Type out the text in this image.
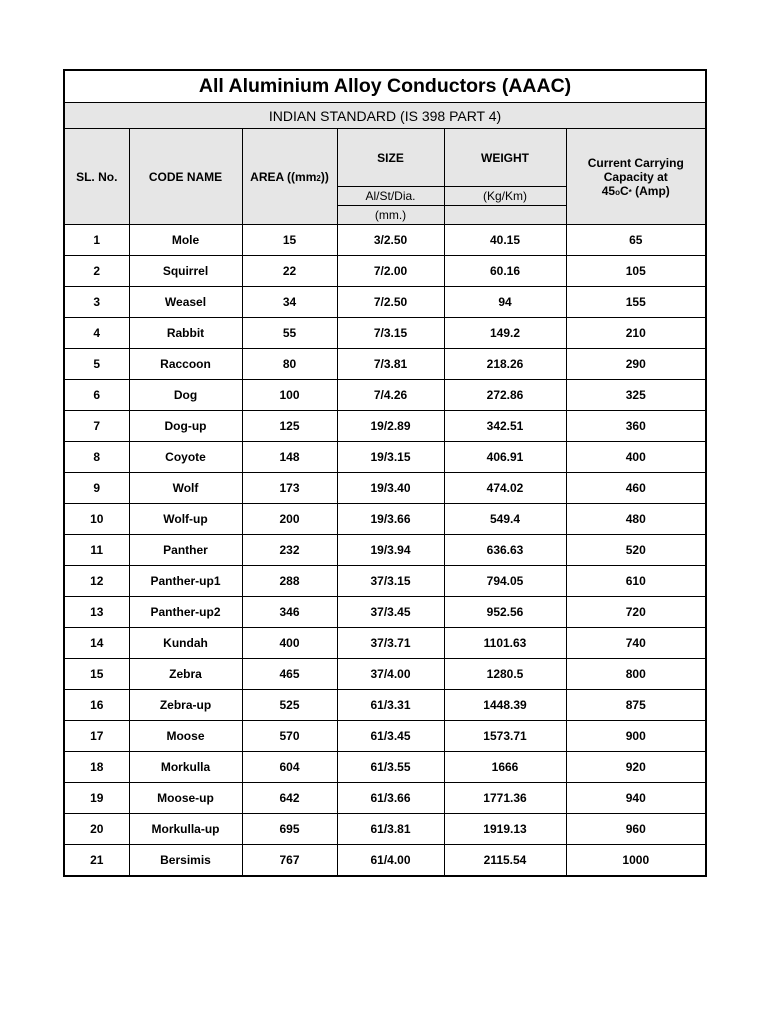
All Aluminium Alloy Conductors (AAAC)					
INDIAN STANDARD (IS 398 PART 4)					
SL. No.	CODE NAME	AREA ((mm2))	SIZE	WEIGHT	Current Carrying
Capacity at
45oC* (Amp)

			Al/St/Dia.	(Kg/Km)	
			(mm.)		
1	Mole	15	3/2.50	40.15	65
2	Squirrel	22	7/2.00	60.16	105
3	Weasel	34	7/2.50	94	155
4	Rabbit	55	7/3.15	149.2	210
5	Raccoon	80	7/3.81	218.26	290
6	Dog	100	7/4.26	272.86	325
7	Dog-up	125	19/2.89	342.51	360
8	Coyote	148	19/3.15	406.91	400
9	Wolf	173	19/3.40	474.02	460
10	Wolf-up	200	19/3.66	549.4	480
11	Panther	232	19/3.94	636.63	520
12	Panther-up1	288	37/3.15	794.05	610
13	Panther-up2	346	37/3.45	952.56	720
14	Kundah	400	37/3.71	1101.63	740
15	Zebra	465	37/4.00	1280.5	800
16	Zebra-up	525	61/3.31	1448.39	875
17	Moose	570	61/3.45	1573.71	900
18	Morkulla	604	61/3.55	1666	920
19	Moose-up	642	61/3.66	1771.36	940
20	Morkulla-up	695	61/3.81	1919.13	960
21	Bersimis	767	61/4.00	2115.54	1000
